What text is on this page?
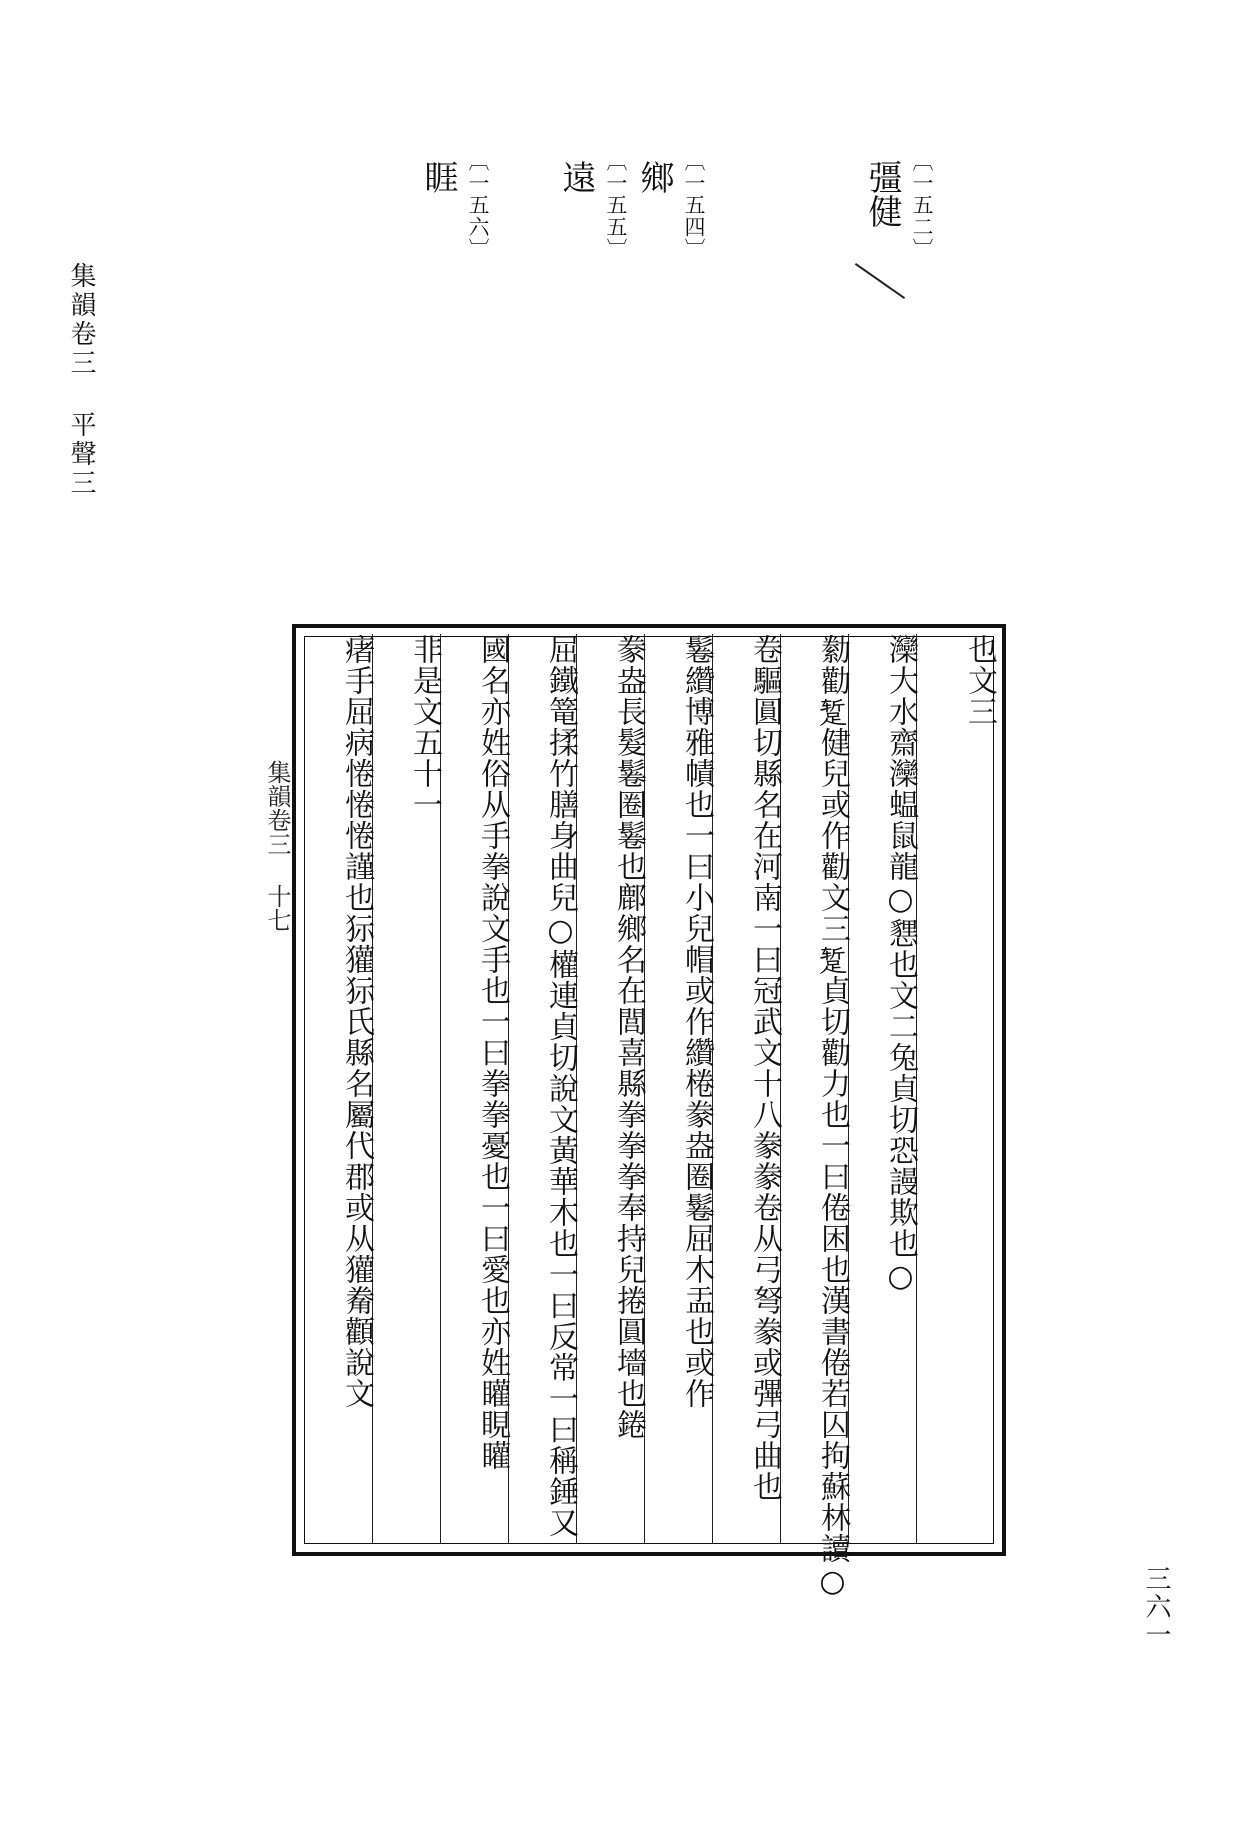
集韻卷三 平聲三
三六一
〔一五二〕
彊健
〔一五四〕
鄉
〔一五五〕
遠
〔一五六〕
睚
集韻卷三 十七
也文三
灤大水齋灤蝹鼠龍○㦟也文二兔貞切恐謾欺也○
勬勸𫏐健兒或作勸文三𫏐貞切勸力也一曰倦困也漢書倦若囚拘蘇林讀○
卷驅圓切縣名在河南一曰冠武文十八豢豢卷从弓弩豢或彃弓曲也
鬈纘博雅幘也一曰小兒帽或作纘棬豢盎圈鬈屈木盂也或作
豢盎長髮鬈圈鬈也鄜鄉名在閭喜縣拳拳拳奉持兒捲圓墻也錈
屈鐵篭揉竹膳身曲兒○權連貞切說文黃華木也一曰反常一曰稱錘又
國名亦姓俗从手拳說文手也一曰拳拳憂也一曰愛也亦姓矔睍矔
非是文五十一
瘏手屈病惓惓惓謹也狋獾狋氏縣名屬代郡或从獾觠顴說文
